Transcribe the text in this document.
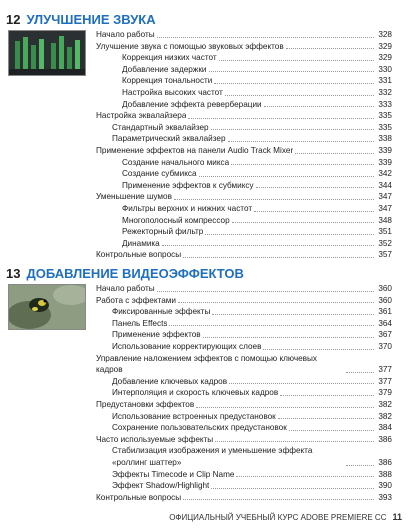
12 УЛУЧШЕНИЕ ЗВУКА
Начало работы	328
Улучшение звука с помощью звуковых эффектов	329
Коррекция низких частот	329
Добавление задержки	330
Коррекция тональности	331
Настройка высоких частот	332
Добавление эффекта реверберации	333
Настройка эквалайзера	335
Стандартный эквалайзер	335
Параметрический эквалайзер	338
Применение эффектов на панели Audio Track Mixer	339
Создание начального микса	339
Создание субмикса	342
Применение эффектов к субмиксу	344
Уменьшение шумов	347
Фильтры верхних и нижних частот	347
Многополосный компрессор	348
Режекторный фильтр	351
Динамика	352
Контрольные вопросы	357
13 ДОБАВЛЕНИЕ ВИДЕОЭФФЕКТОВ
Начало работы	360
Работа с эффектами	360
Фиксированные эффекты	361
Панель Effects	364
Применение эффектов	367
Использование корректирующих слоев	370
Управление наложением эффектов с помощью ключевых кадров	377
Добавление ключевых кадров	377
Интерполяция и скорость ключевых кадров	379
Предустановки эффектов	382
Использование встроенных предустановок	382
Сохранение пользовательских предустановок	384
Часто используемые эффекты	386
Стабилизация изображения и уменьшение эффекта «роллинг шаттер»	386
Эффекты Timecode и Clip Name	388
Эффект Shadow/Highlight	390
Контрольные вопросы	393
ОФИЦИАЛЬНЫЙ УЧЕБНЫЙ КУРС ADOBE PREMIERE CC 11
